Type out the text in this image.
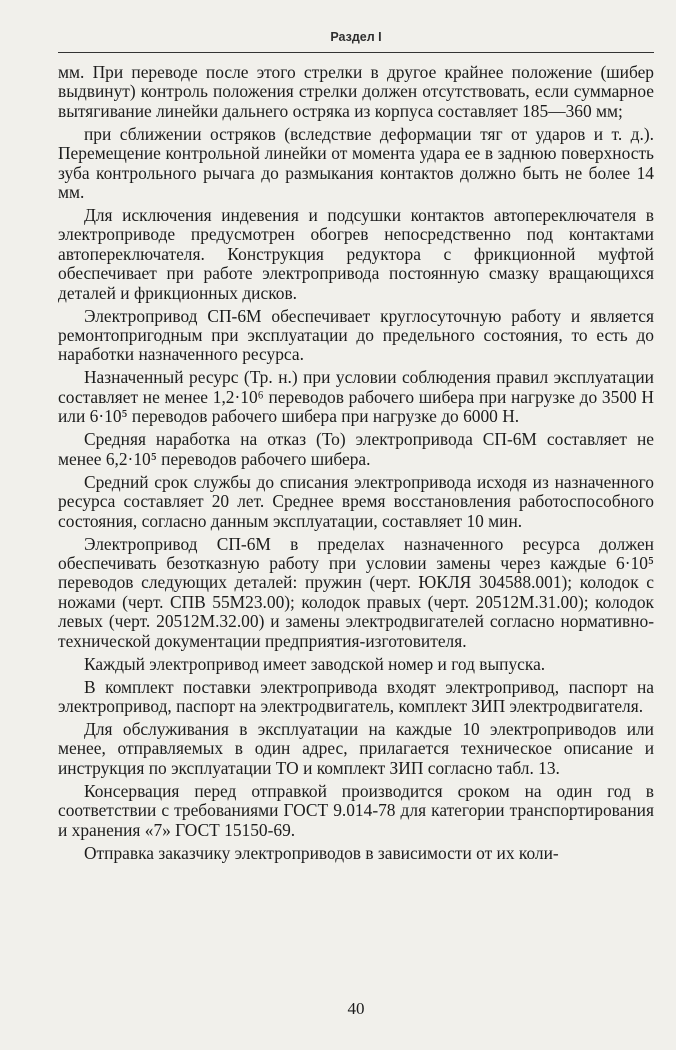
Раздел I

мм. При переводе после этого стрелки в другое крайнее положение (шибер выдвинут) контроль положения стрелки должен отсутствовать, если суммарное вытягивание линейки дальнего остряка из корпуса составляет 185—360 мм;

при сближении остряков (вследствие деформации тяг от ударов и т. д.). Перемещение контрольной линейки от момента удара ее в заднюю поверхность зуба контрольного рычага до размыкания контактов должно быть не более 14 мм.

Для исключения индевения и подсушки контактов автопереключателя в электроприводе предусмотрен обогрев непосредственно под контактами автопереключателя. Конструкция редуктора с фрикционной муфтой обеспечивает при работе электропривода постоянную смазку вращающихся деталей и фрикционных дисков.

Электропривод СП-6М обеспечивает круглосуточную работу и является ремонтопригодным при эксплуатации до предельного состояния, то есть до наработки назначенного ресурса.

Назначенный ресурс (Тр. н.) при условии соблюдения правил эксплуатации составляет не менее 1,2·10⁶ переводов рабочего шибера при нагрузке до 3500 Н или 6·10⁵ переводов рабочего шибера при нагрузке до 6000 Н.

Средняя наработка на отказ (То) электропривода СП-6М составляет не менее 6,2·10⁵ переводов рабочего шибера.

Средний срок службы до списания электропривода исходя из назначенного ресурса составляет 20 лет. Среднее время восстановления работоспособного состояния, согласно данным эксплуатации, составляет 10 мин.

Электропривод СП-6М в пределах назначенного ресурса должен обеспечивать безотказную работу при условии замены через каждые 6·10⁵ переводов следующих деталей: пружин (черт. ЮКЛЯ 304588.001); колодок с ножами (черт. СПВ 55М23.00); колодок правых (черт. 20512М.31.00); колодок левых (черт. 20512М.32.00) и замены электродвигателей согласно нормативно-технической документации предприятия-изготовителя.

Каждый электропривод имеет заводской номер и год выпуска.

В комплект поставки электропривода входят электропривод, паспорт на электропривод, паспорт на электродвигатель, комплект ЗИП электродвигателя.

Для обслуживания в эксплуатации на каждые 10 электроприводов или менее, отправляемых в один адрес, прилагается техническое описание и инструкция по эксплуатации ТО и комплект ЗИП согласно табл. 13.

Консервация перед отправкой производится сроком на один год в соответствии с требованиями ГОСТ 9.014-78 для категории транспортирования и хранения «7» ГОСТ 15150-69.

Отправка заказчику электроприводов в зависимости от их коли-

40
